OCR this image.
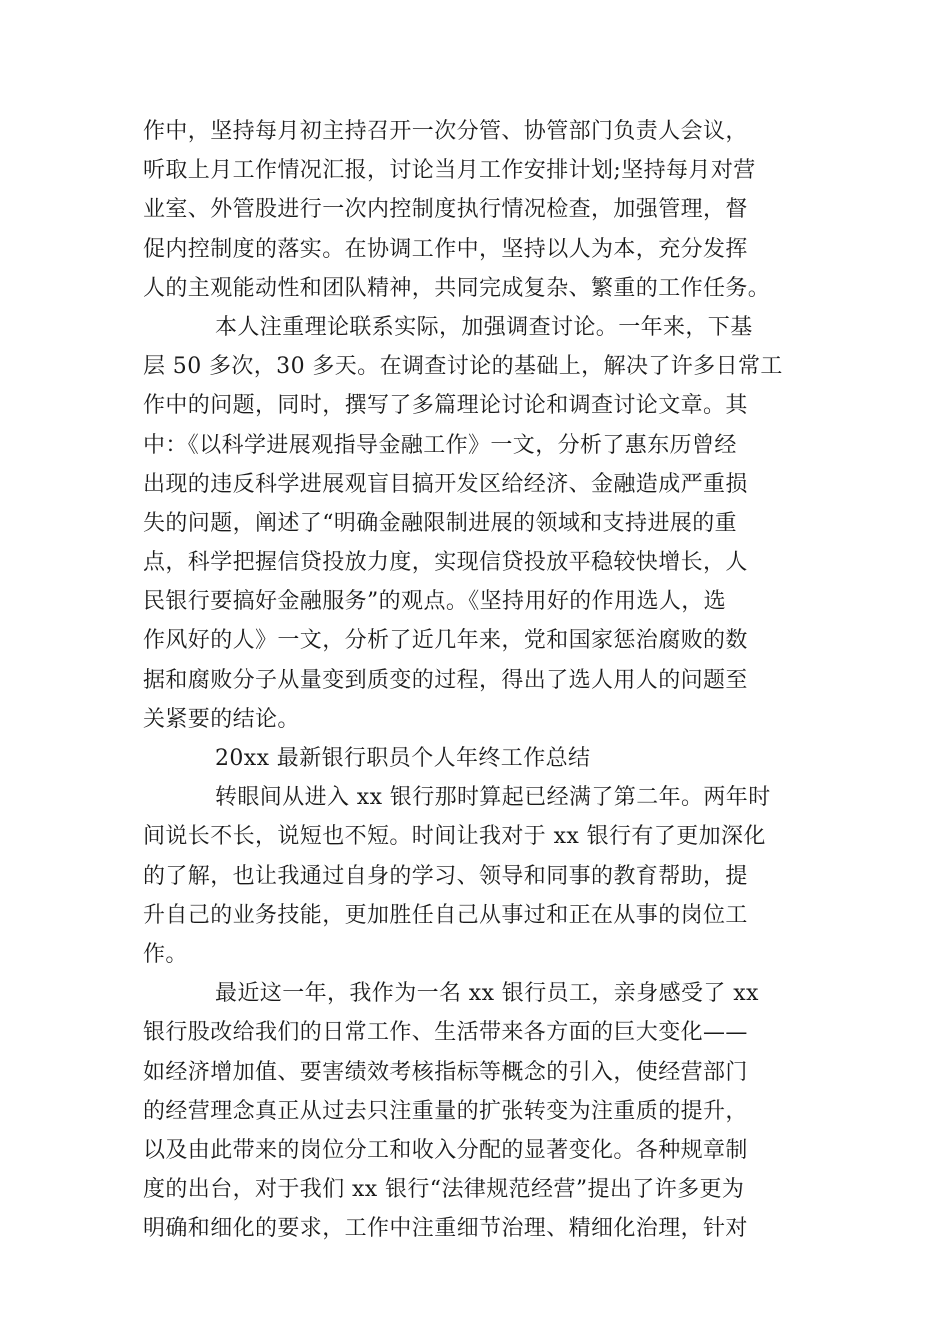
作中，坚持每月初主持召开一次分管、协管部门负责人会议，
听取上月工作情况汇报，讨论当月工作安排计划;坚持每月对营
业室、外管股进行一次内控制度执行情况检查，加强管理，督
促内控制度的落实。在协调工作中，坚持以人为本，充分发挥
人的主观能动性和团队精神，共同完成复杂、繁重的工作任务。
本人注重理论联系实际，加强调查讨论。一年来，下基
层 50 多次，30 多天。在调查讨论的基础上，解决了许多日常工
作中的问题，同时，撰写了多篇理论讨论和调查讨论文章。其
中：《以科学进展观指导金融工作》一文，分析了惠东历曾经
出现的违反科学进展观盲目搞开发区给经济、金融造成严重损
失的问题，阐述了“明确金融限制进展的领域和支持进展的重
点，科学把握信贷投放力度，实现信贷投放平稳较快增长，人
民银行要搞好金融服务”的观点。《坚持用好的作用选人，选
作风好的人》一文，分析了近几年来，党和国家惩治腐败的数
据和腐败分子从量变到质变的过程，得出了选人用人的问题至
关紧要的结论。
20xx 最新银行职员个人年终工作总结
转眼间从进入 xx 银行那时算起已经满了第二年。两年时
间说长不长，说短也不短。时间让我对于 xx 银行有了更加深化
的了解，也让我通过自身的学习、领导和同事的教育帮助，提
升自己的业务技能，更加胜任自己从事过和正在从事的岗位工
作。
最近这一年，我作为一名 xx 银行员工，亲身感受了 xx
银行股改给我们的日常工作、生活带来各方面的巨大变化——
如经济增加值、要害绩效考核指标等概念的引入，使经营部门
的经营理念真正从过去只注重量的扩张转变为注重质的提升，
以及由此带来的岗位分工和收入分配的显著变化。各种规章制
度的出台，对于我们 xx 银行“法律规范经营”提出了许多更为
明确和细化的要求，工作中注重细节治理、精细化治理，针对
